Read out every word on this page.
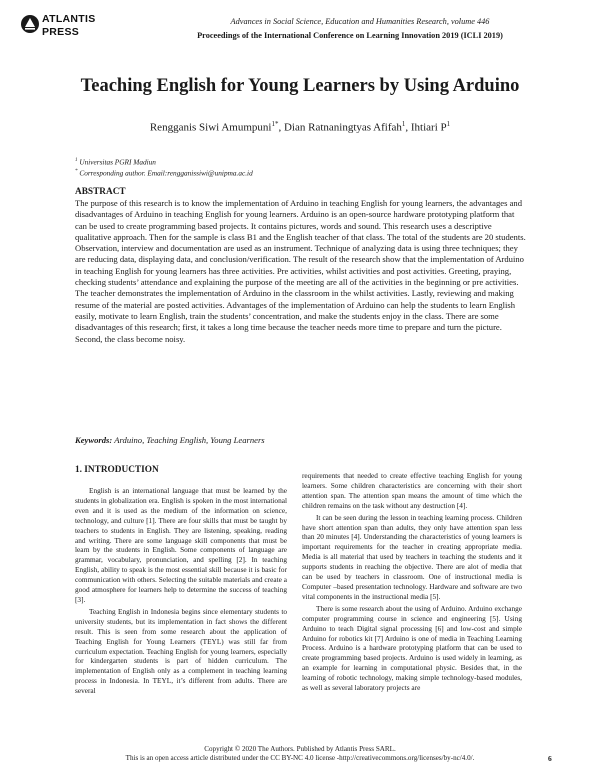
ATLANTIS
PRESS
Advances in Social Science, Education and Humanities Research, volume 446
Proceedings of the International Conference on Learning Innovation 2019 (ICLI 2019)
Teaching English for Young Learners by Using Arduino
Rengganis Siwi Amumpuni$^{1*}$, Dian Ratnaningtyas Afifah$^1$, Ihtiari $P^1$
$^1$ Universitas PGRI Madiun
* Corresponding author. Email:rengganissiwi@unipma.ac.id
ABSTRACT
The purpose of this research is to know the implementation of Arduino in teaching English for young learners, the advantages and disadvantages of Arduino in teaching English for young learners. Arduino is an open-source hardware prototyping platform that can be used to create programming based projects. It contains pictures, words and sound. This research uses a descriptive qualitative approach. Then for the sample is class B1 and the English teacher of that class. The total of the students are 20 students. Observation, interview and documentation are used as an instrument. Technique of analyzing data is using three techniques; they are reducing data, displaying data, and conclusion/verification. The result of the research show that the implementation of Arduino in teaching English for young learners has three activities. Pre activities, whilst activities and post activities. Greeting, praying, checking students’ attendance and explaining the purpose of the meeting are all of the activities in the beginning or pre activities. The teacher demonstrates the implementation of Arduino in the classroom in the whilst activities. Lastly, reviewing and making resume of the material are posted activities. Advantages of the implementation of Arduino can help the students to learn English easily, motivate to learn English, train the students’ concentration, and make the students enjoy in the class. There are some disadvantages of this research; first, it takes a long time because the teacher needs more time to prepare and turn the picture. Second, the class become noisy.
Keywords: Arduino, Teaching English, Young Learners
1. INTRODUCTION

English is an international language that must be learned by the students in globalization era. English is spoken in the most international even and it is used as the medium of the information on science, technology, and culture [1]. There are four skills that must be taught by teachers to students in English. They are listening, speaking, reading and writing. There are some language skill components that must be learn by the students in English. Some components of language are grammar, vocabulary, pronunciation, and spelling [2]. In teaching English, ability to speak is the most essential skill because it is basic for communication with others. Selecting the suitable materials and create a good atmosphere for learners help to determine the success of teaching [3].

Teaching English in Indonesia begins since elementary students to university students, but its implementation in fact shows the different result. This is seen from some research about the application of Teaching English for Young Learners (TEYL) was still far from curriculum expectation. Teaching English for young learners, especially for kindergarten students is part of hidden curriculum. The implementation of English only as a complement in teaching learning process in Indonesia. In TEYL, it’s different from adults. There are several

requirements that needed to create effective teaching English for young learners. Some children characteristics are concerning with their short attention span. The attention span means the amount of time which the children remains on the task without any destruction [4].

It can be seen during the lesson in teaching learning process. Children have short attention span than adults, they only have attention span less than 20 minutes [4]. Understanding the characteristics of young learners is important requirements for the teacher in creating appropriate media. Media is all material that used by teachers in teaching the students and it supports students in reaching the objective. There are alot of media that can be used by teachers in classroom. One of instructional media is Computer –based presentation technology. Hardware and software are two vital components in the instructional media [5].

There is some research about the using of Arduino. Arduino exchange computer programming course in science and engineering [5]. Using Arduino to teach Digital signal processing [6] and low-cost and simple Arduino for robotics kit [7] Arduino is one of media in Teaching Learning Process. Arduino is a hardware prototyping platform that can be used to create programming based projects. Arduino is used widely in learning, as an example for learning in computational physic. Besides that, in the learning of robotic technology, making simple technology-based modules, as well as several laboratory projects are

Copyright © 2020 The Authors. Published by Atlantis Press SARL.
This is an open access article distributed under the CC BY-NC 4.0 license -http://creativecommons.org/licenses/by-nc/4.0/.	6
